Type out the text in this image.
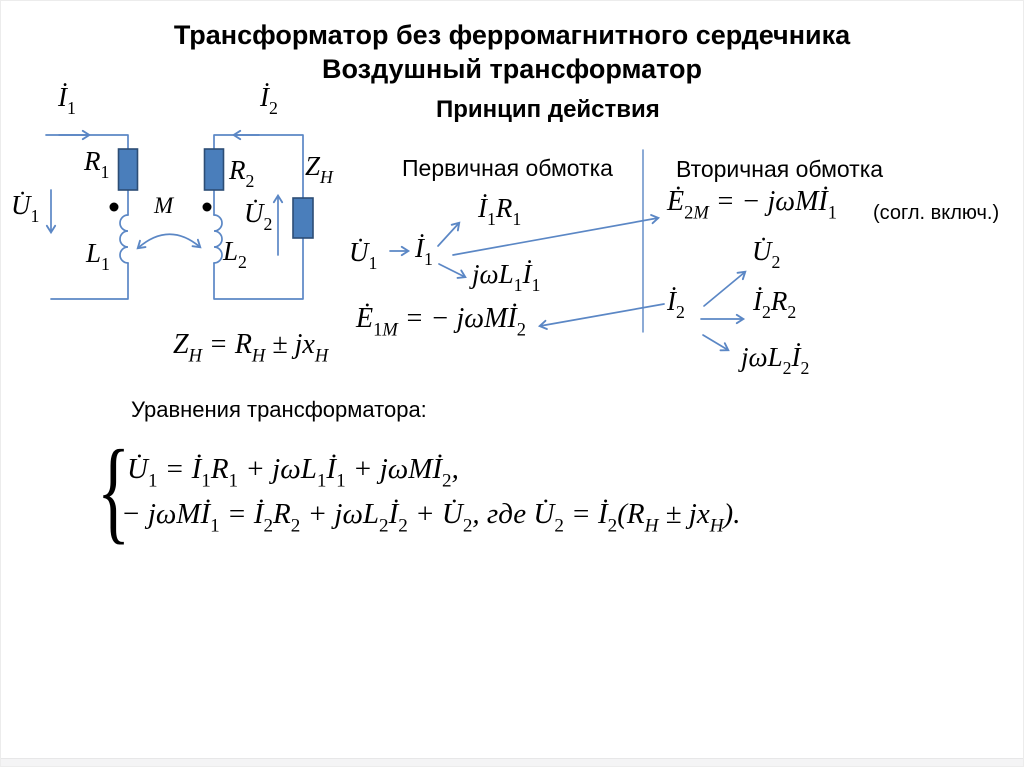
Трансформатор без ферромагнитного сердечника
Воздушный трансформатор
Принцип действия
Первичная обмотка	Вторичная обмотка
(согл. включ.)
$İ_1$	$İ_2$
$U̇_1$
$R_1$	$R_2$
$Z_H$
$U̇_2$
M
$L_1$	$L_2$
$Z_H = R_H \pm jx_H$
$U̇_1$
$İ_1$
$İ_1R_1$
$j\omega L_1İ_1$
$Ė_{1M}$ = − jωMİ$_2$
$Ė_{2M}$ = − jωMİ$_1$
$U̇_2$
$İ_2$	$İ_2R_2$
$j\omega L_2İ_2$
Уравнения трансформатора:
{
$U̇_1$ = $İ_1R_1$ + $j\omega L_1İ_1$ + jωMİ$_2$,
− jωMİ$_1$ = $İ_2R_2$ + $j\omega L_2İ_2$ + $U̇_2$, где $U̇_2$ = $İ_2(R_H \pm jx_H)$.
